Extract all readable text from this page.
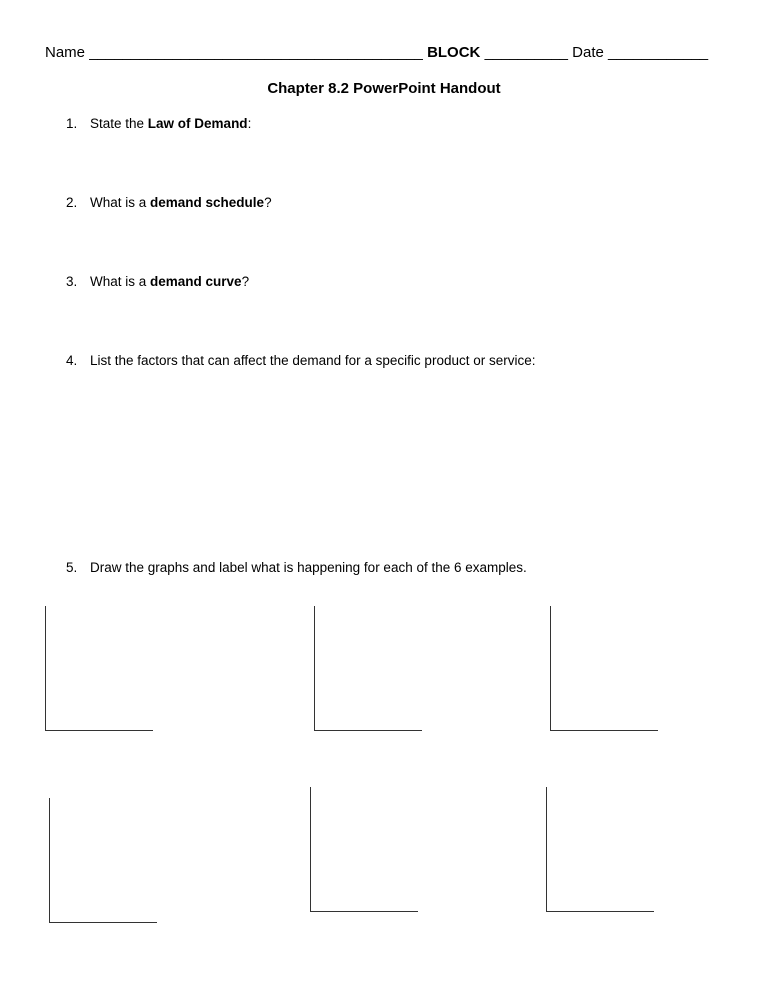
Name ________________________________________ BLOCK __________ Date ____________
Chapter 8.2 PowerPoint Handout
1. State the Law of Demand:
2. What is a demand schedule?
3. What is a demand curve?
4. List the factors that can affect the demand for a specific product or service:
5. Draw the graphs and label what is happening for each of the 6 examples.
